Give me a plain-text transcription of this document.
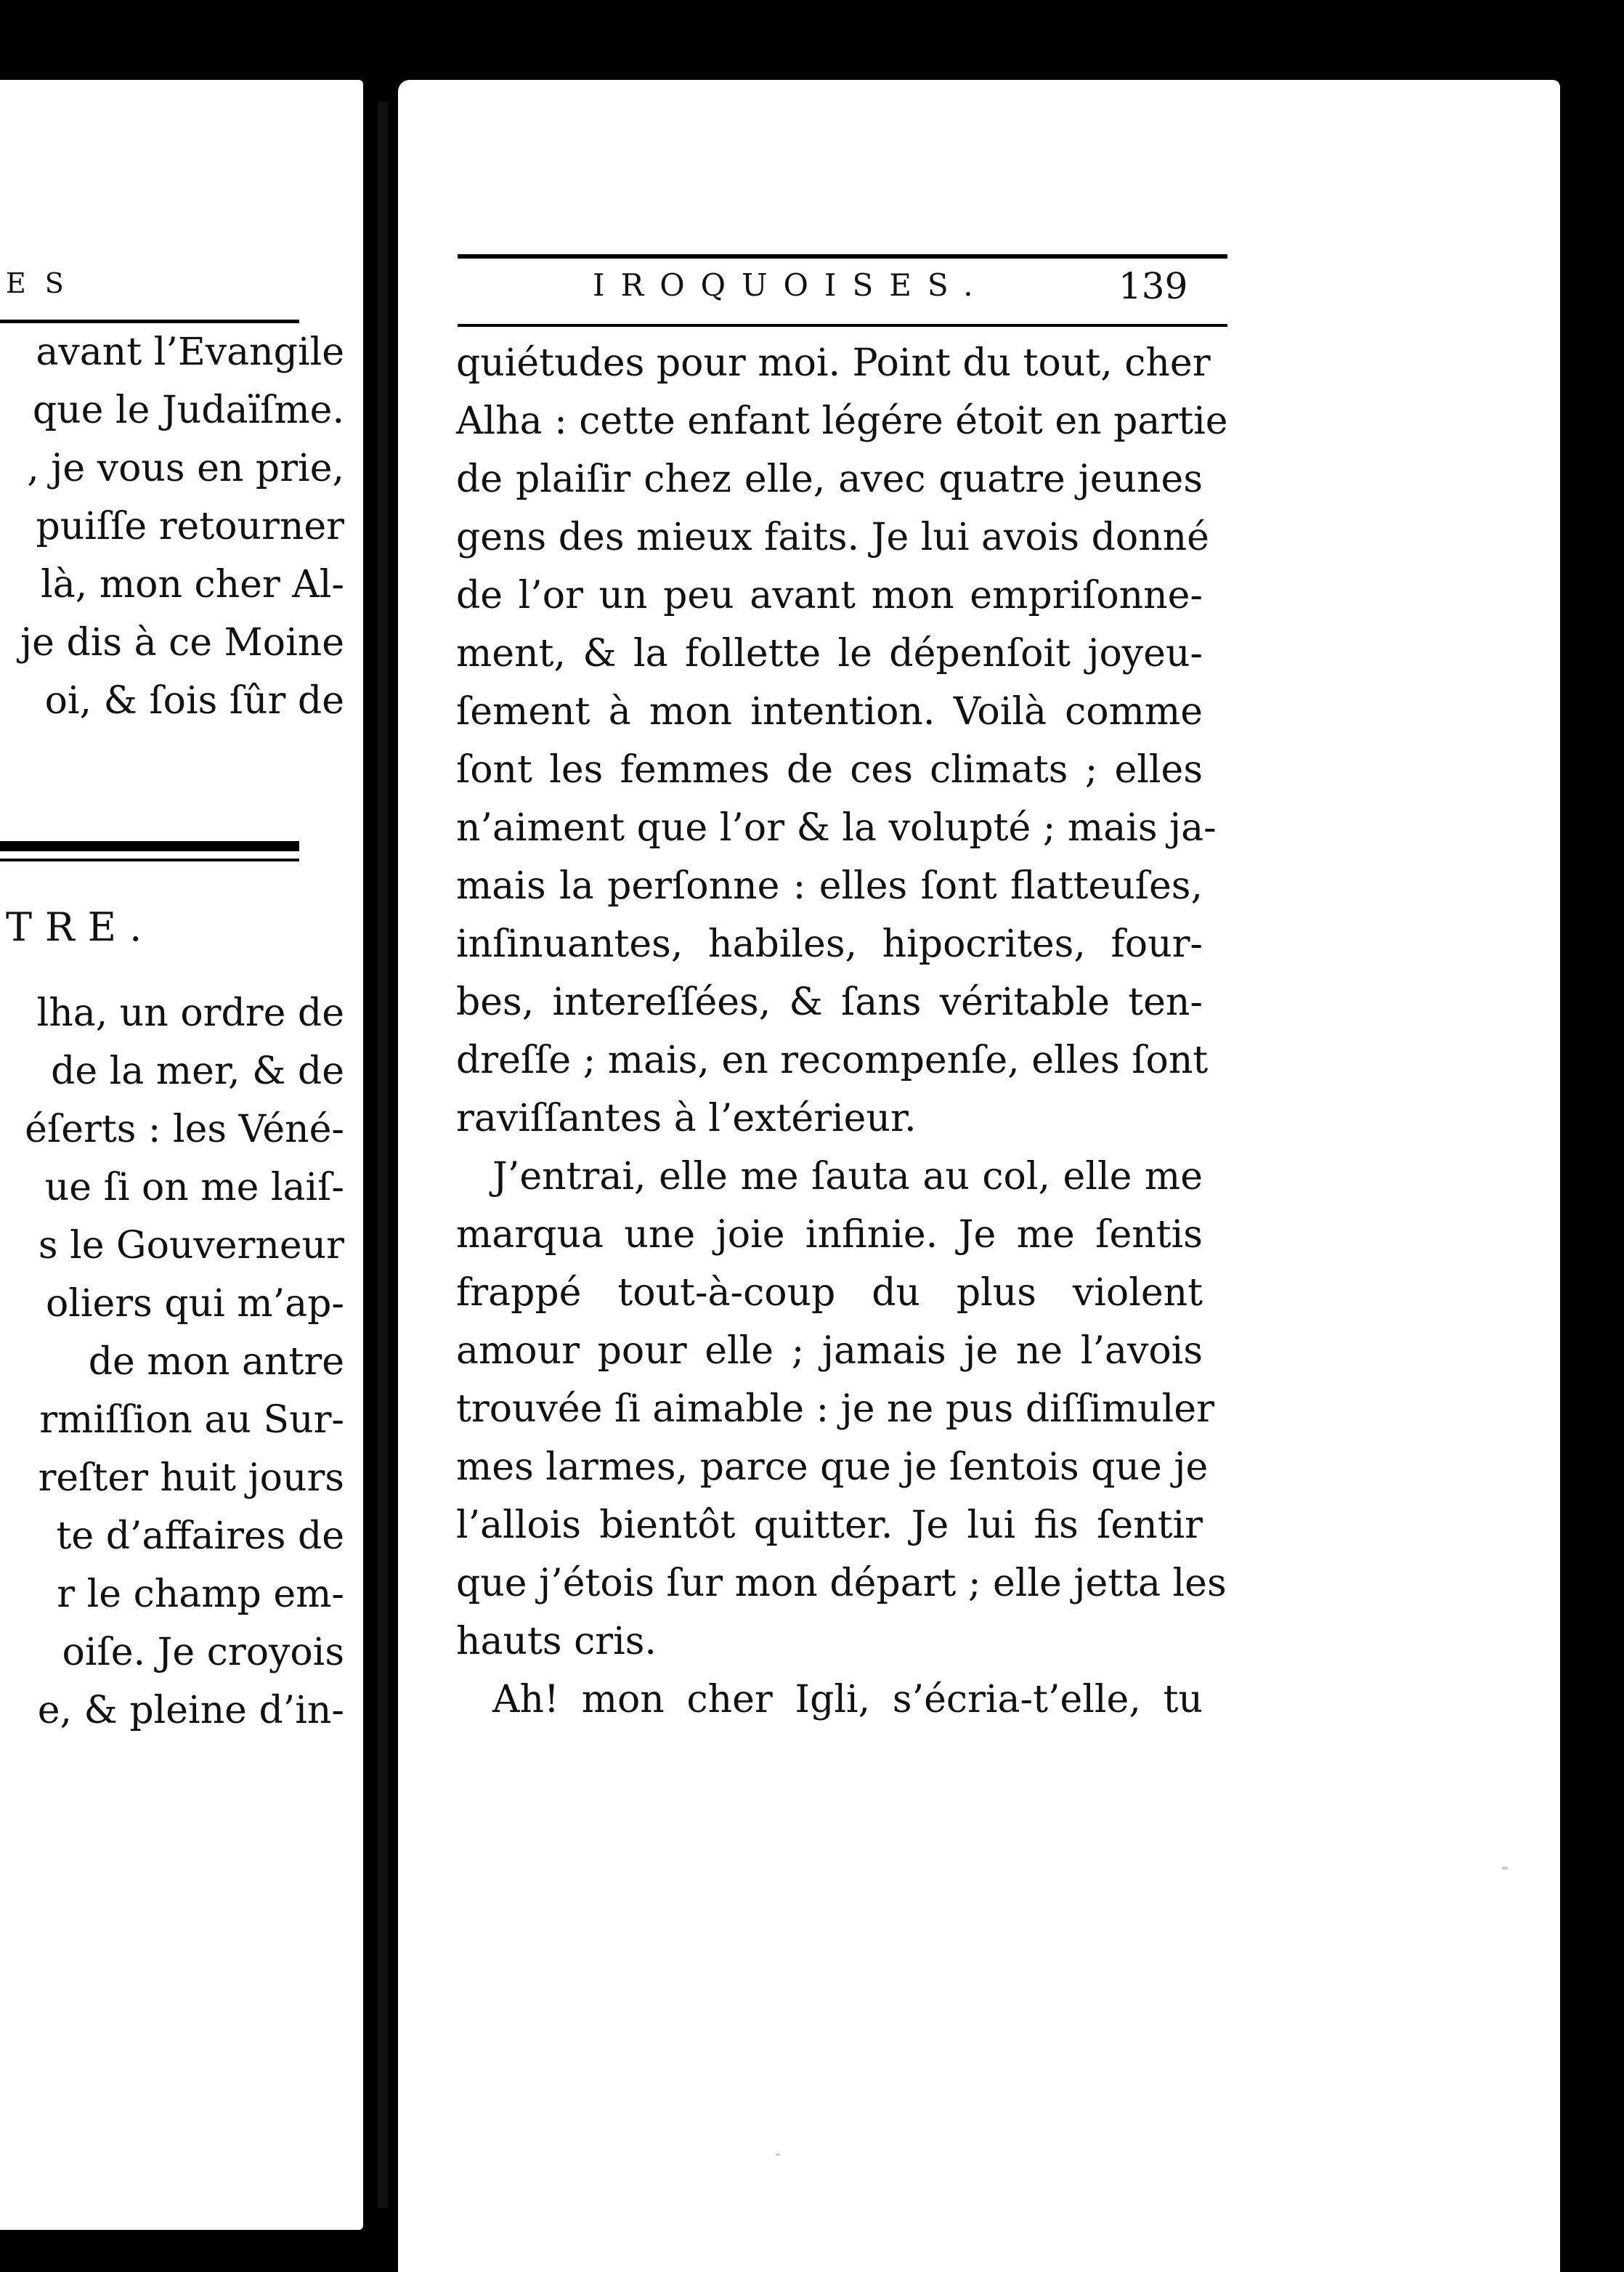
ES
avant l’Evangile
que le Judaïſme.
, je vous en prie,
puiſſe retourner
là, mon cher Al-
je dis à ce Moine
oi, & ſois ſûr de
TRE.
lha, un ordre de
de la mer, & de
éſerts : les Véné-
ue ſi on me laiſ-
s le Gouverneur
oliers qui m’ap-
de mon antre
rmiſſion au Sur-
reſter huit jours
te d’affaires de
r le champ em-
oiſe. Je croyois
e, & pleine d’in-
IROQUOISES.	139
quiétudes pour moi. Point du tout, cher
Alha : cette enfant légére étoit en partie
de plaiſir chez elle, avec quatre jeunes
gens des mieux faits. Je lui avois donné
de l’or un peu avant mon empriſonne-
ment, & la follette le dépenſoit joyeu-
ſement à mon intention. Voilà comme
ſont les femmes de ces climats ; elles
n’aiment que l’or & la volupté ; mais ja-
mais la perſonne : elles ſont flatteuſes,
inſinuantes, habiles, hipocrites, four-
bes, intereſſées, & ſans véritable ten-
dreſſe ; mais, en recompenſe, elles ſont
raviſſantes à l’extérieur.
J’entrai, elle me ſauta au col, elle me
marqua une joie infinie. Je me ſentis
frappé tout-à-coup du plus violent
amour pour elle ; jamais je ne l’avois
trouvée ſi aimable : je ne pus diſſimuler
mes larmes, parce que je ſentois que je
l’allois bientôt quitter. Je lui fis ſentir
que j’étois ſur mon départ ; elle jetta les
hauts cris.
Ah! mon cher Igli, s’écria-t’elle, tu
